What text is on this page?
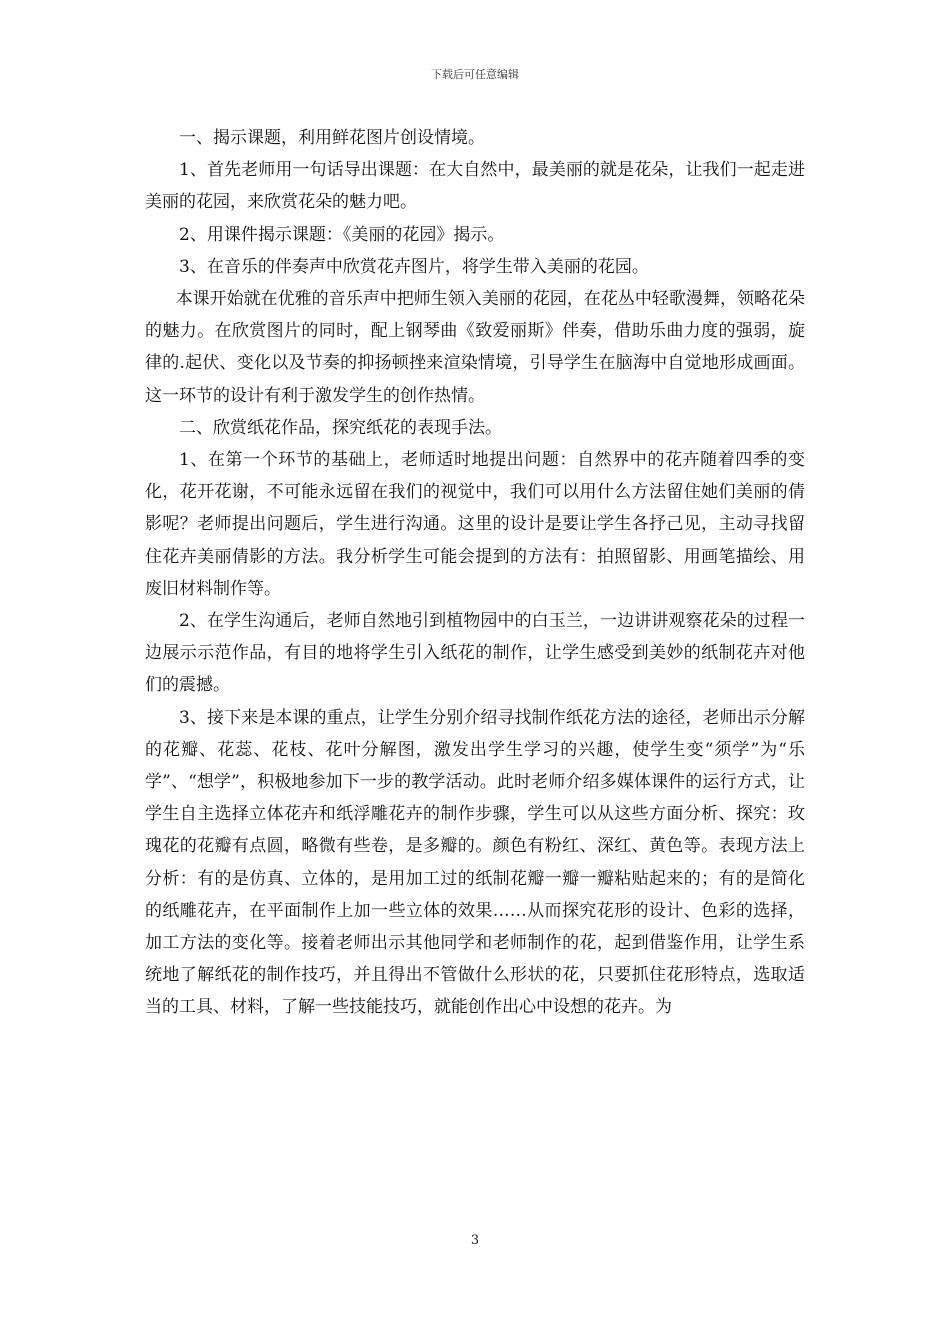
下载后可任意编辑

一、揭示课题，利用鲜花图片创设情境。

1、首先老师用一句话导出课题：在大自然中，最美丽的就是花朵，让我们一起走进美丽的花园，来欣赏花朵的魅力吧。

2、用课件揭示课题：《美丽的花园》揭示。

3、在音乐的伴奏声中欣赏花卉图片，将学生带入美丽的花园。

本课开始就在优雅的音乐声中把师生领入美丽的花园，在花丛中轻歌漫舞，领略花朵的魅力。在欣赏图片的同时，配上钢琴曲《致爱丽斯》伴奏，借助乐曲力度的强弱，旋律的.起伏、变化以及节奏的抑扬顿挫来渲染情境，引导学生在脑海中自觉地形成画面。这一环节的设计有利于激发学生的创作热情。

二、欣赏纸花作品，探究纸花的表现手法。

1、在第一个环节的基础上，老师适时地提出问题：自然界中的花卉随着四季的变化，花开花谢，不可能永远留在我们的视觉中，我们可以用什么方法留住她们美丽的倩影呢？老师提出问题后，学生进行沟通。这里的设计是要让学生各抒己见，主动寻找留住花卉美丽倩影的方法。我分析学生可能会提到的方法有：拍照留影、用画笔描绘、用废旧材料制作等。

2、在学生沟通后，老师自然地引到植物园中的白玉兰，一边讲讲观察花朵的过程一边展示示范作品，有目的地将学生引入纸花的制作，让学生感受到美妙的纸制花卉对他们的震撼。

3、接下来是本课的重点，让学生分别介绍寻找制作纸花方法的途径，老师出示分解的花瓣、花蕊、花枝、花叶分解图，激发出学生学习的兴趣，使学生变“须学”为“乐学”、“想学”，积极地参加下一步的教学活动。此时老师介绍多媒体课件的运行方式，让学生自主选择立体花卉和纸浮雕花卉的制作步骤，学生可以从这些方面分析、探究：玫瑰花的花瓣有点圆，略微有些卷，是多瓣的。颜色有粉红、深红、黄色等。表现方法上分析：有的是仿真、立体的，是用加工过的纸制花瓣一瓣一瓣粘贴起来的；有的是简化的纸雕花卉，在平面制作上加一些立体的效果……从而探究花形的设计、色彩的选择，加工方法的变化等。接着老师出示其他同学和老师制作的花，起到借鉴作用，让学生系统地了解纸花的制作技巧，并且得出不管做什么形状的花，只要抓住花形特点，选取适当的工具、材料，了解一些技能技巧，就能创作出心中设想的花卉。为

3
